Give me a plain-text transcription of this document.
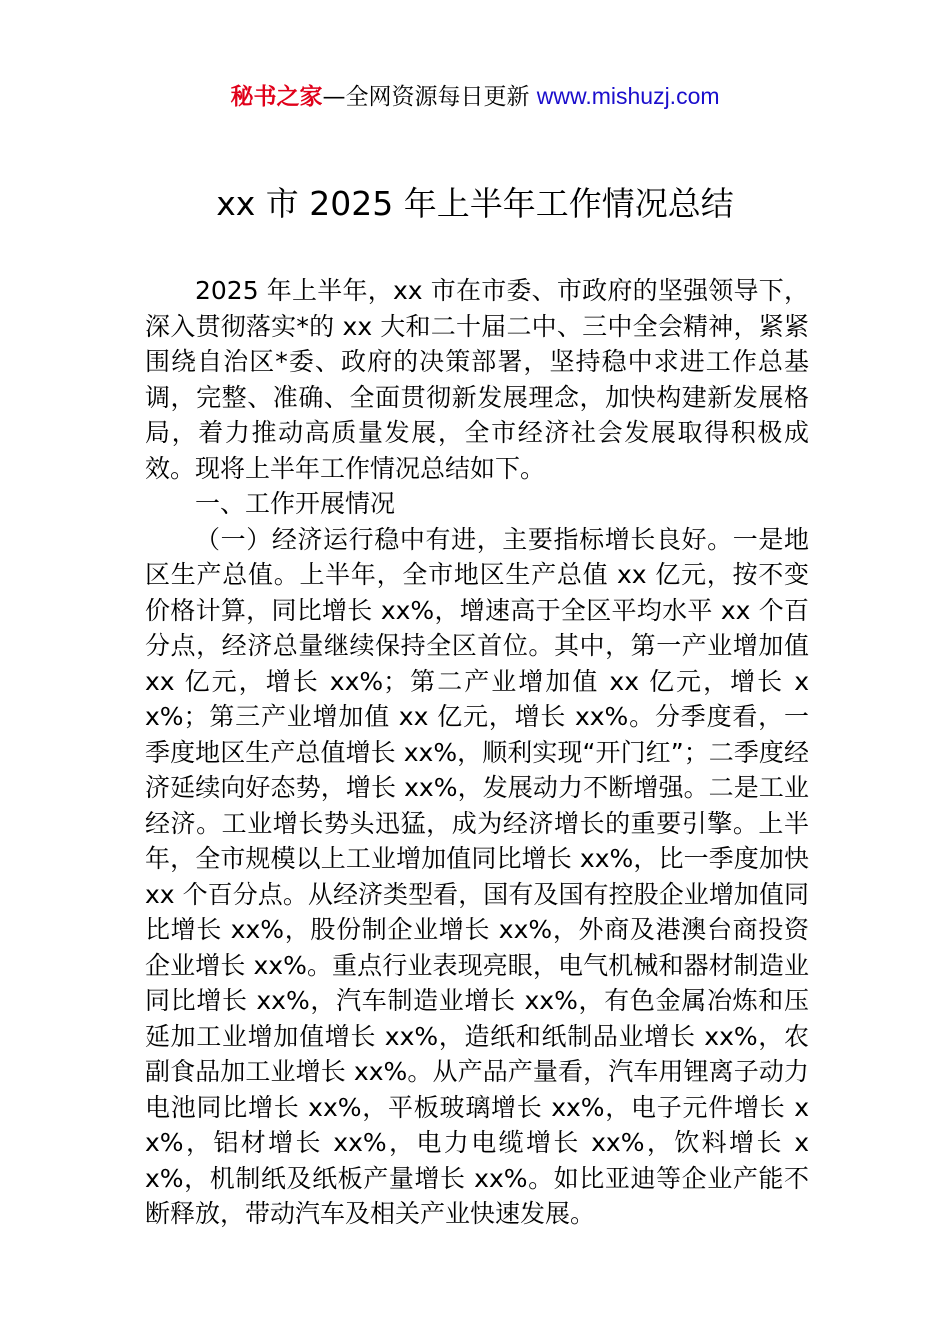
秘书之家—全网资源每日更新 www.mishuzj.com
xx 市 2025 年上半年工作情况总结

2025 年上半年，xx 市在市委、市政府的坚强领导下，深入贯彻落实*的 xx 大和二十届二中、三中全会精神，紧紧围绕自治区*委、政府的决策部署，坚持稳中求进工作总基调，完整、准确、全面贯彻新发展理念，加快构建新发展格局，着力推动高质量发展，全市经济社会发展取得积极成效。现将上半年工作情况总结如下。

一、工作开展情况

（一）经济运行稳中有进，主要指标增长良好。一是地区生产总值。上半年，全市地区生产总值 xx 亿元，按不变价格计算，同比增长 xx%，增速高于全区平均水平 xx 个百分点，经济总量继续保持全区首位。其中，第一产业增加值 xx 亿元，增长 xx%；第二产业增加值 xx 亿元，增长 xx%；第三产业增加值 xx 亿元，增长 xx%。分季度看，一季度地区生产总值增长 xx%，顺利实现“开门红”；二季度经济延续向好态势，增长 xx%，发展动力不断增强。二是工业经济。工业增长势头迅猛，成为经济增长的重要引擎。上半年，全市规模以上工业增加值同比增长 xx%，比一季度加快 xx 个百分点。从经济类型看，国有及国有控股企业增加值同比增长 xx%，股份制企业增长 xx%，外商及港澳台商投资企业增长 xx%。重点行业表现亮眼，电气机械和器材制造业同比增长 xx%，汽车制造业增长 xx%，有色金属冶炼和压延加工业增加值增长 xx%，造纸和纸制品业增长 xx%，农副食品加工业增长 xx%。从产品产量看，汽车用锂离子动力电池同比增长 xx%，平板玻璃增长 xx%，电子元件增长 xx%，铝材增长 xx%，电力电缆增长 xx%，饮料增长 xx%，机制纸及纸板产量增长 xx%。如比亚迪等企业产能不断释放，带动汽车及相关产业快速发展。
